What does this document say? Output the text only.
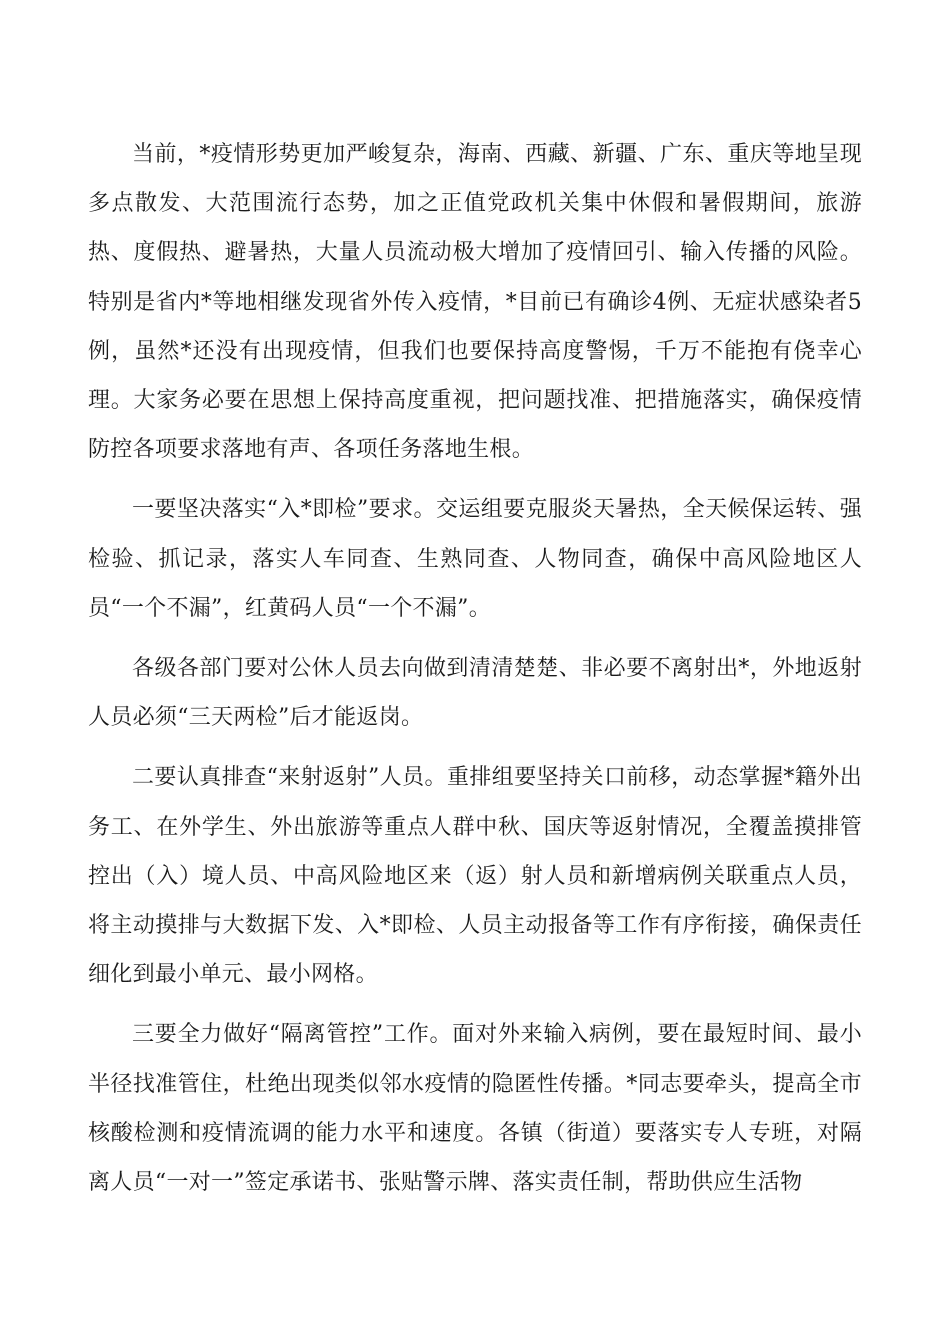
当前，*疫情形势更加严峻复杂，海南、西藏、新疆、广东、重庆等地呈现多点散发、大范围流行态势，加之正值党政机关集中休假和暑假期间，旅游热、度假热、避暑热，大量人员流动极大增加了疫情回引、输入传播的风险。特别是省内*等地相继发现省外传入疫情，*目前已有确诊4例、无症状感染者5例，虽然*还没有出现疫情，但我们也要保持高度警惕，千万不能抱有侥幸心理。大家务必要在思想上保持高度重视，把问题找准、把措施落实，确保疫情防控各项要求落地有声、各项任务落地生根。

一要坚决落实“入*即检”要求。交运组要克服炎天暑热，全天候保运转、强检验、抓记录，落实人车同查、生熟同查、人物同查，确保中高风险地区人员“一个不漏”，红黄码人员“一个不漏”。

各级各部门要对公休人员去向做到清清楚楚、非必要不离射出*，外地返射人员必须“三天两检”后才能返岗。

二要认真排查“来射返射”人员。重排组要坚持关口前移，动态掌握*籍外出务工、在外学生、外出旅游等重点人群中秋、国庆等返射情况，全覆盖摸排管控出（入）境人员、中高风险地区来（返）射人员和新增病例关联重点人员，将主动摸排与大数据下发、入*即检、人员主动报备等工作有序衔接，确保责任细化到最小单元、最小网格。

三要全力做好“隔离管控”工作。面对外来输入病例，要在最短时间、最小半径找准管住，杜绝出现类似邻水疫情的隐匿性传播。*同志要牵头，提高全市核酸检测和疫情流调的能力水平和速度。各镇（街道）要落实专人专班，对隔离人员“一对一”签定承诺书、张贴警示牌、落实责任制，帮助供应生活物
